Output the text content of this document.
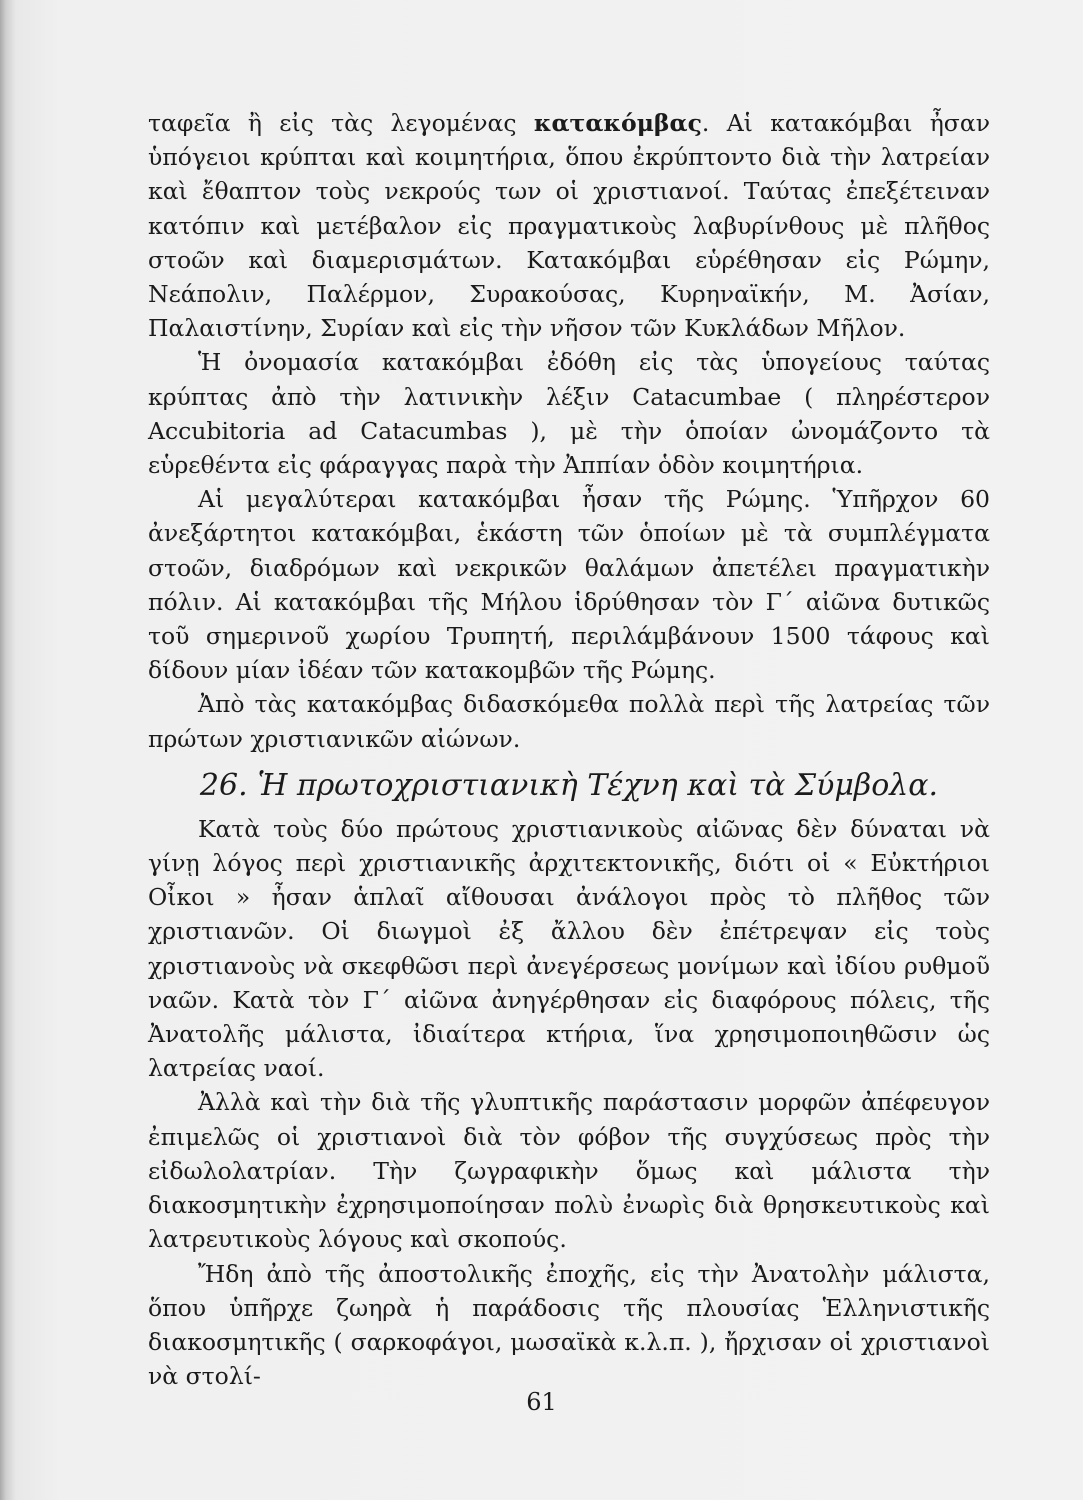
ταφεῖα ἢ εἰς τὰς λεγομένας κατακόμβας. Αἱ κατακόμβαι ἦσαν ὑπόγειοι κρύπται καὶ κοιμητήρια, ὅπου ἐκρύπτοντο διὰ τὴν λατρείαν καὶ ἔθαπτον τοὺς νεκρούς των οἱ χριστιανοί. Ταύτας ἐπεξέτειναν κατόπιν καὶ μετέβαλον εἰς πραγματικοὺς λαβυρίνθους μὲ πλῆθος στοῶν καὶ διαμερισμάτων. Κατακόμβαι εὑρέθησαν εἰς Ρώμην, Νεάπολιν, Παλέρμον, Συρακούσας, Κυρηναϊκήν, Μ. Ἀσίαν, Παλαιστίνην, Συρίαν καὶ εἰς τὴν νῆσον τῶν Κυκλάδων Μῆλον.

Ἡ ὀνομασία κατακόμβαι ἐδόθη εἰς τὰς ὑπογείους ταύτας κρύπτας ἀπὸ τὴν λατινικὴν λέξιν Catacumbae ( πληρέστερον Accubitoria ad Catacumbas ), μὲ τὴν ὁποίαν ὠνομάζοντο τὰ εὑρεθέντα εἰς φάραγγας παρὰ τὴν Ἀππίαν ὁδὸν κοιμητήρια.

Αἱ μεγαλύτεραι κατακόμβαι ἦσαν τῆς Ρώμης. Ὑπῆρχον 60 ἀνεξάρτητοι κατακόμβαι, ἑκάστη τῶν ὁποίων μὲ τὰ συμπλέγματα στοῶν, διαδρόμων καὶ νεκρικῶν θαλάμων ἀπετέλει πραγματικὴν πόλιν. Αἱ κατακόμβαι τῆς Μήλου ἱδρύθησαν τὸν Γ´ αἰῶνα δυτικῶς τοῦ σημερινοῦ χωρίου Τρυπητή, περιλάμβάνουν 1500 τάφους καὶ δίδουν μίαν ἰδέαν τῶν κατακομβῶν τῆς Ρώμης.

Ἀπὸ τὰς κατακόμβας διδασκόμεθα πολλὰ περὶ τῆς λατρείας τῶν πρώτων χριστιανικῶν αἰώνων.

26. Ἡ πρωτοχριστιανικὴ Τέχνη καὶ τὰ Σύμβολα.

Κατὰ τοὺς δύο πρώτους χριστιανικοὺς αἰῶνας δὲν δύναται νὰ γίνῃ λόγος περὶ χριστιανικῆς ἀρχιτεκτονικῆς, διότι οἱ « Εὐκτήριοι Οἶκοι » ἦσαν ἁπλαῖ αἴθουσαι ἀνάλογοι πρὸς τὸ πλῆθος τῶν χριστιανῶν. Οἱ διωγμοὶ ἐξ ἄλλου δὲν ἐπέτρεψαν εἰς τοὺς χριστιανοὺς νὰ σκεφθῶσι περὶ ἀνεγέρσεως μονίμων καὶ ἰδίου ρυθμοῦ ναῶν. Κατὰ τὸν Γ´ αἰῶνα ἀνηγέρθησαν εἰς διαφόρους πόλεις, τῆς Ἀνατολῆς μάλιστα, ἰδιαίτερα κτήρια, ἵνα χρησιμοποιηθῶσιν ὡς λατρείας ναοί.

Ἀλλὰ καὶ τὴν διὰ τῆς γλυπτικῆς παράστασιν μορφῶν ἀπέφευγον ἐπιμελῶς οἱ χριστιανοὶ διὰ τὸν φόβον τῆς συγχύσεως πρὸς τὴν εἰδωλολατρίαν. Τὴν ζωγραφικὴν ὅμως καὶ μάλιστα τὴν διακοσμητικὴν ἐχρησιμοποίησαν πολὺ ἐνωρὶς διὰ θρησκευτικοὺς καὶ λατρευτικοὺς λόγους καὶ σκοπούς.

Ἤδη ἀπὸ τῆς ἀποστολικῆς ἐποχῆς, εἰς τὴν Ἀνατολὴν μάλιστα, ὅπου ὑπῆρχε ζωηρὰ ἡ παράδοσις τῆς πλουσίας Ἑλληνιστικῆς διακοσμητικῆς ( σαρκοφάγοι, μωσαϊκὰ κ.λ.π. ), ἤρχισαν οἱ χριστιανοὶ νὰ στολί-

61
